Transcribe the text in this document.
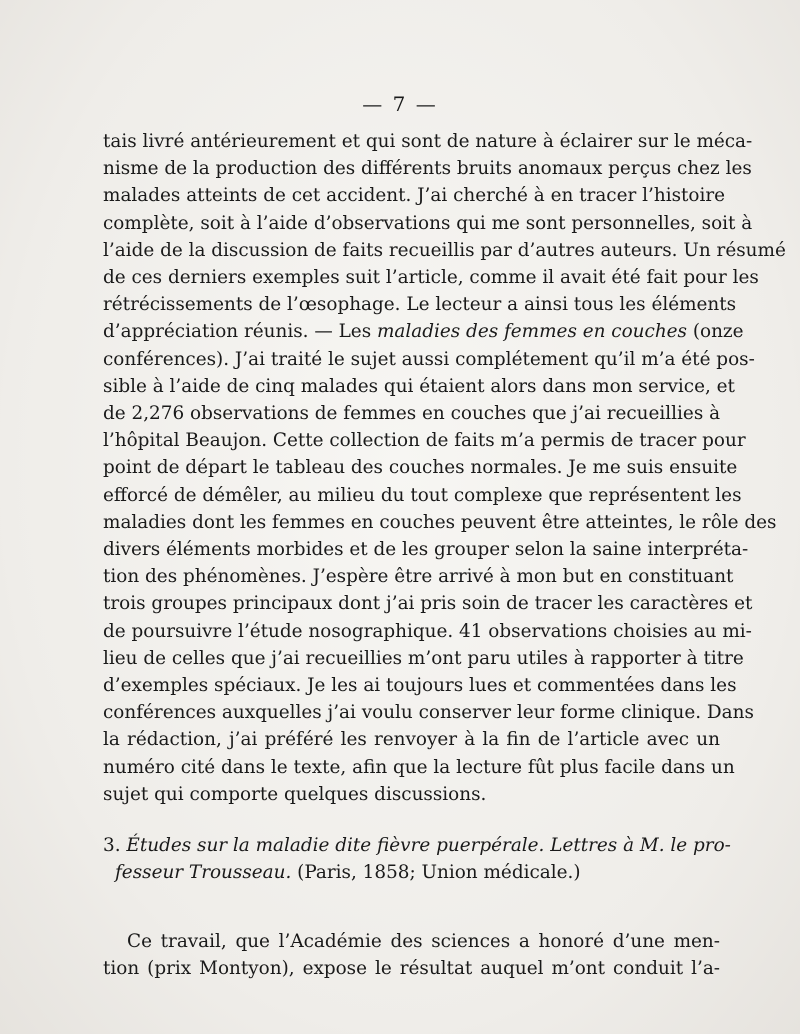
— 7 —
tais livré antérieurement et qui sont de nature à éclairer sur le méca-
nisme de la production des différents bruits anomaux perçus chez les
malades atteints de cet accident. J’ai cherché à en tracer l’histoire
complète, soit à l’aide d’observations qui me sont personnelles, soit à
l’aide de la discussion de faits recueillis par d’autres auteurs. Un résumé
de ces derniers exemples suit l’article, comme il avait été fait pour les
rétrécissements de l’œsophage. Le lecteur a ainsi tous les éléments
d’appréciation réunis. — Les maladies des femmes en couches (onze
conférences). J’ai traité le sujet aussi complétement qu’il m’a été pos-
sible à l’aide de cinq malades qui étaient alors dans mon service, et
de 2,276 observations de femmes en couches que j’ai recueillies à
l’hôpital Beaujon. Cette collection de faits m’a permis de tracer pour
point de départ le tableau des couches normales. Je me suis ensuite
efforcé de démêler, au milieu du tout complexe que représentent les
maladies dont les femmes en couches peuvent être atteintes, le rôle des
divers éléments morbides et de les grouper selon la saine interpréta-
tion des phénomènes. J’espère être arrivé à mon but en constituant
trois groupes principaux dont j’ai pris soin de tracer les caractères et
de poursuivre l’étude nosographique. 41 observations choisies au mi-
lieu de celles que j’ai recueillies m’ont paru utiles à rapporter à titre
d’exemples spéciaux. Je les ai toujours lues et commentées dans les
conférences auxquelles j’ai voulu conserver leur forme clinique. Dans
la rédaction, j’ai préféré les renvoyer à la fin de l’article avec un
numéro cité dans le texte, afin que la lecture fût plus facile dans un
sujet qui comporte quelques discussions.
3. Études sur la maladie dite fièvre puerpérale. Lettres à M. le pro-
fesseur Trousseau. (Paris, 1858; Union médicale.)
Ce travail, que l’Académie des sciences a honoré d’une men-
tion (prix Montyon), expose le résultat auquel m’ont conduit l’a-
